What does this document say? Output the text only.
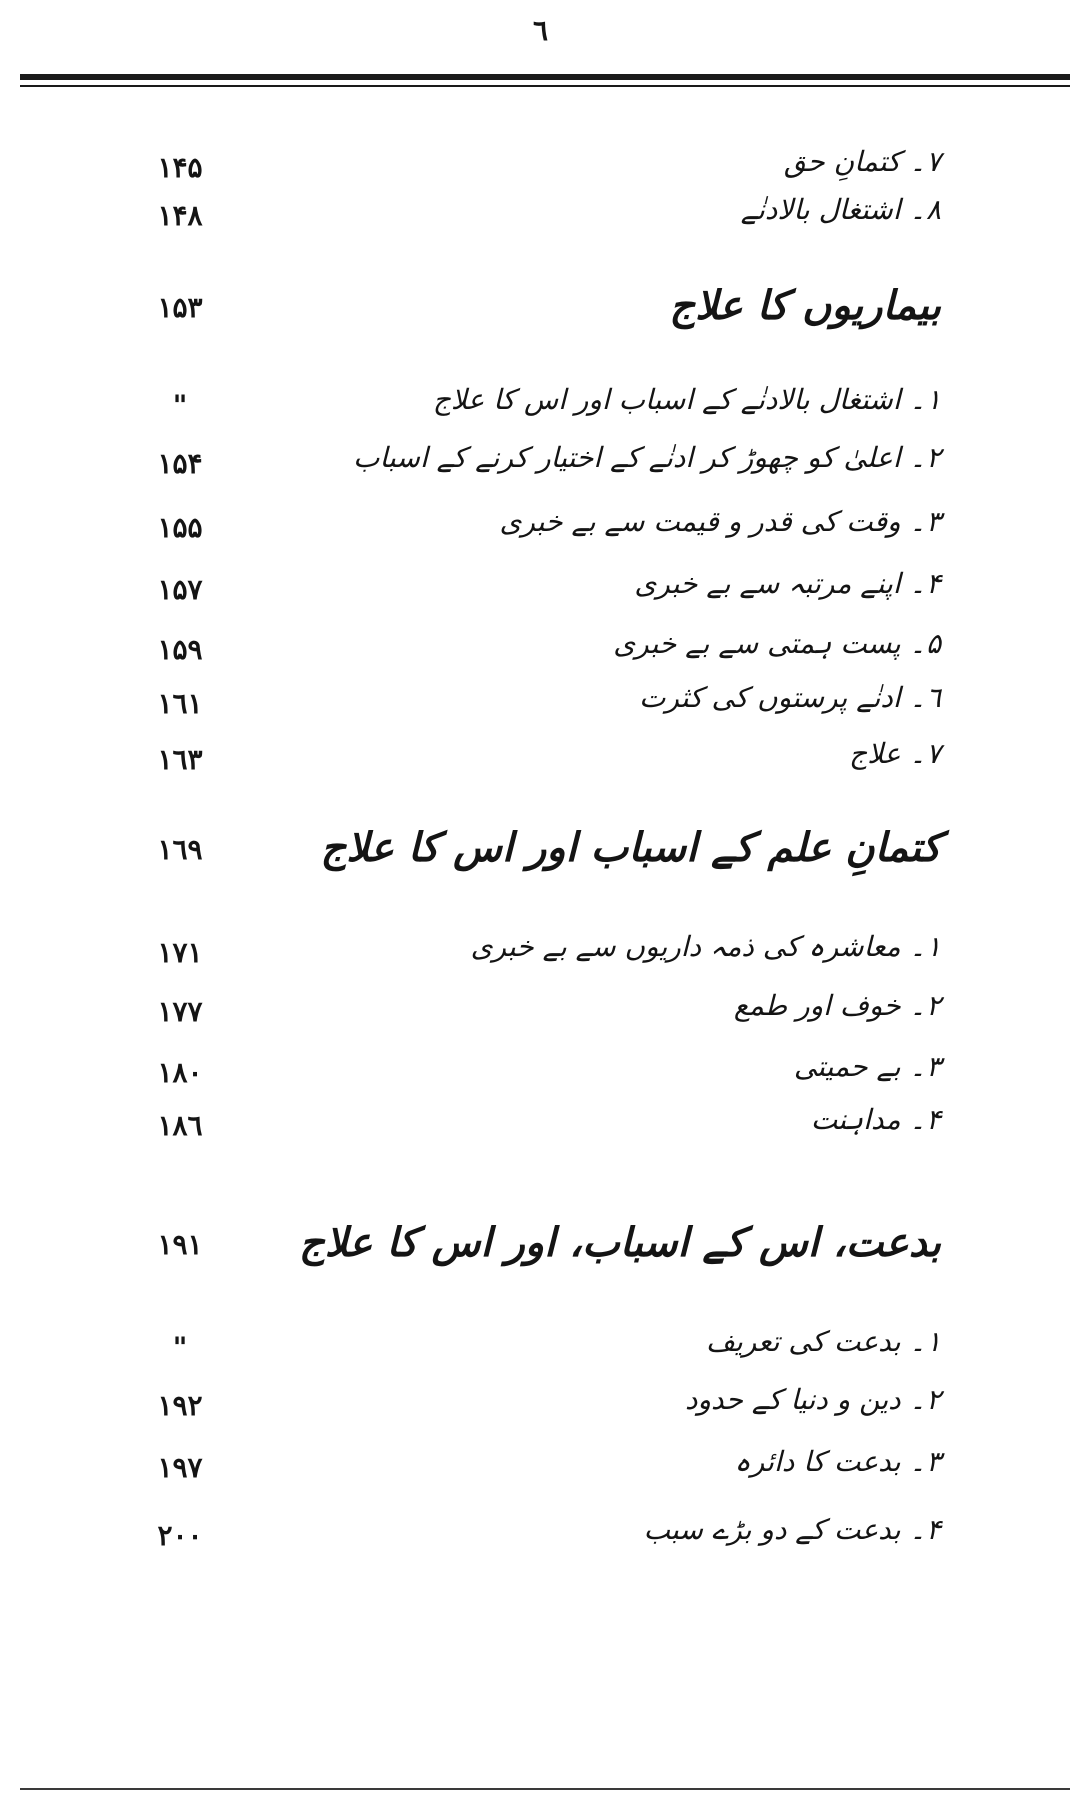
٦
٧۔ کتمانِ حق
١۴۵
٨۔ اشتغال بالادنٰے
١۴٨
بیماریوں کا علاج
١۵٣
١۔ اشتغال بالادنٰے کے اسباب اور اس کا علاج
"
٢۔ اعلیٰ کو چھوڑ کر ادنٰے کے اختیار کرنے کے اسباب
١۵۴
٣۔ وقت کی قدر و قیمت سے بے خبری
١۵۵
۴۔ اپنے مرتبہ سے بے خبری
١۵٧
۵۔ پست ہمتی سے بے خبری
١۵٩
٦۔ ادنٰے پرستوں کی کثرت
١٦١
٧۔ علاج
١٦٣
کتمانِ علم کے اسباب اور اس کا علاج
١٦٩
١۔ معاشرہ کی ذمہ داریوں سے بے خبری
١٧١
٢۔ خوف اور طمع
١٧٧
٣۔ بے حمیتی
١٨٠
۴۔ مداہنت
١٨٦
بدعت، اس کے اسباب، اور اس کا علاج
١٩١
١۔ بدعت کی تعریف
"
٢۔ دین و دنیا کے حدود
١٩٢
٣۔ بدعت کا دائرہ
١٩٧
۴۔ بدعت کے دو بڑے سبب
٢٠٠
